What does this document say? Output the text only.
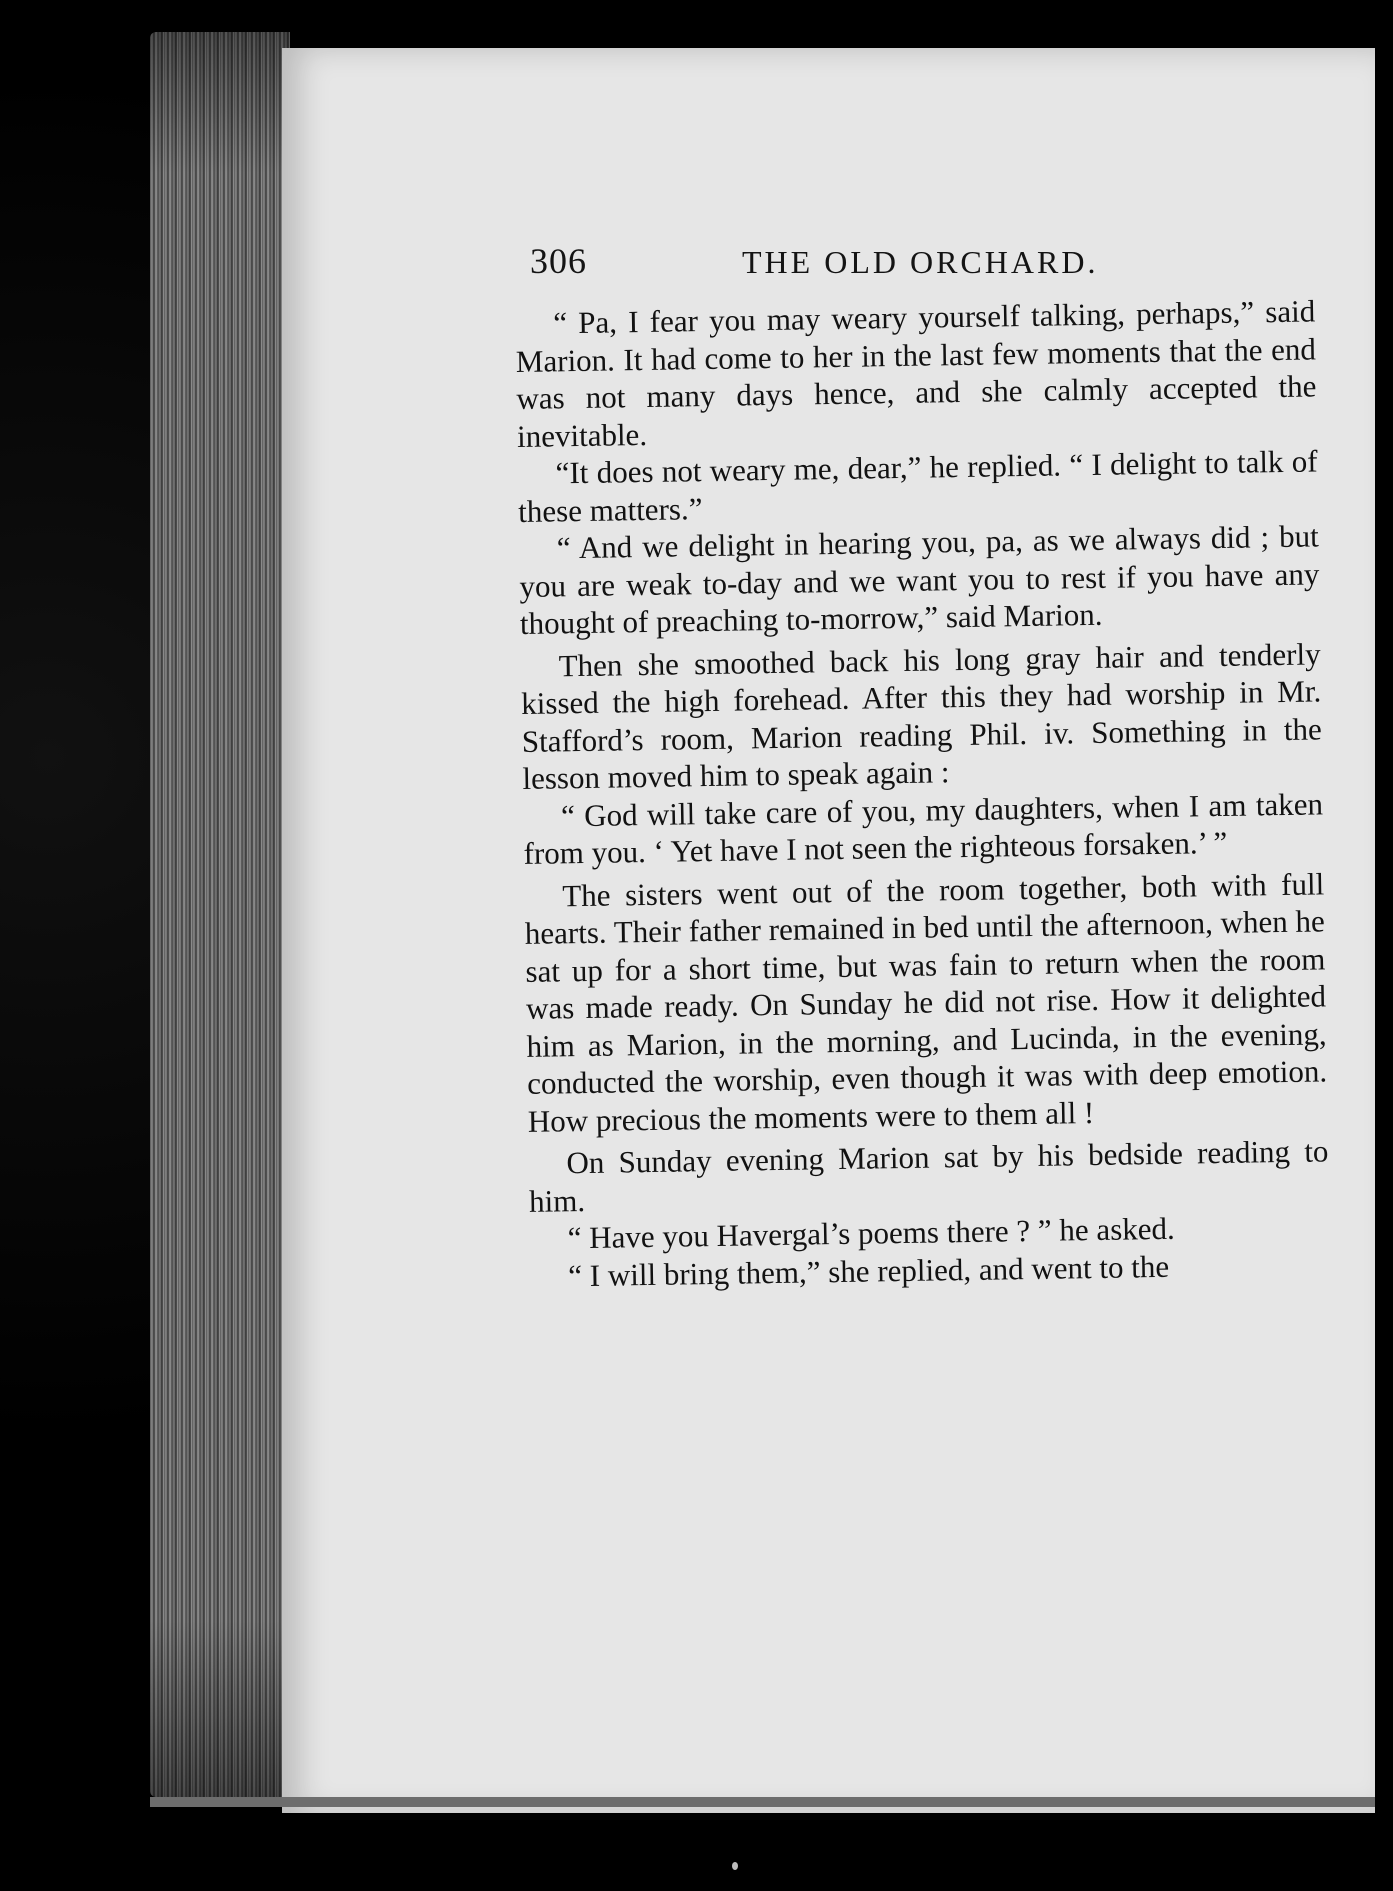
306	THE OLD ORCHARD.

“ Pa, I fear you may weary yourself talking, perhaps,” said Marion. It had come to her in the last few moments that the end was not many days hence, and she calmly accepted the inevitable.

“It does not weary me, dear,” he replied. “ I delight to talk of these matters.”

“ And we delight in hearing you, pa, as we always did ; but you are weak to-day and we want you to rest if you have any thought of preaching to-morrow,” said Marion.

Then she smoothed back his long gray hair and tenderly kissed the high forehead. After this they had worship in Mr. Stafford’s room, Marion reading Phil. iv. Something in the lesson moved him to speak again :

“ God will take care of you, my daughters, when I am taken from you. ‘ Yet have I not seen the righteous forsaken.’ ”

The sisters went out of the room together, both with full hearts. Their father remained in bed until the afternoon, when he sat up for a short time, but was fain to return when the room was made ready. On Sunday he did not rise. How it delighted him as Marion, in the morning, and Lucinda, in the evening, conducted the worship, even though it was with deep emotion. How precious the moments were to them all !

On Sunday evening Marion sat by his bedside reading to him.

“ Have you Havergal’s poems there ? ” he asked.

“ I will bring them,” she replied, and went to the
